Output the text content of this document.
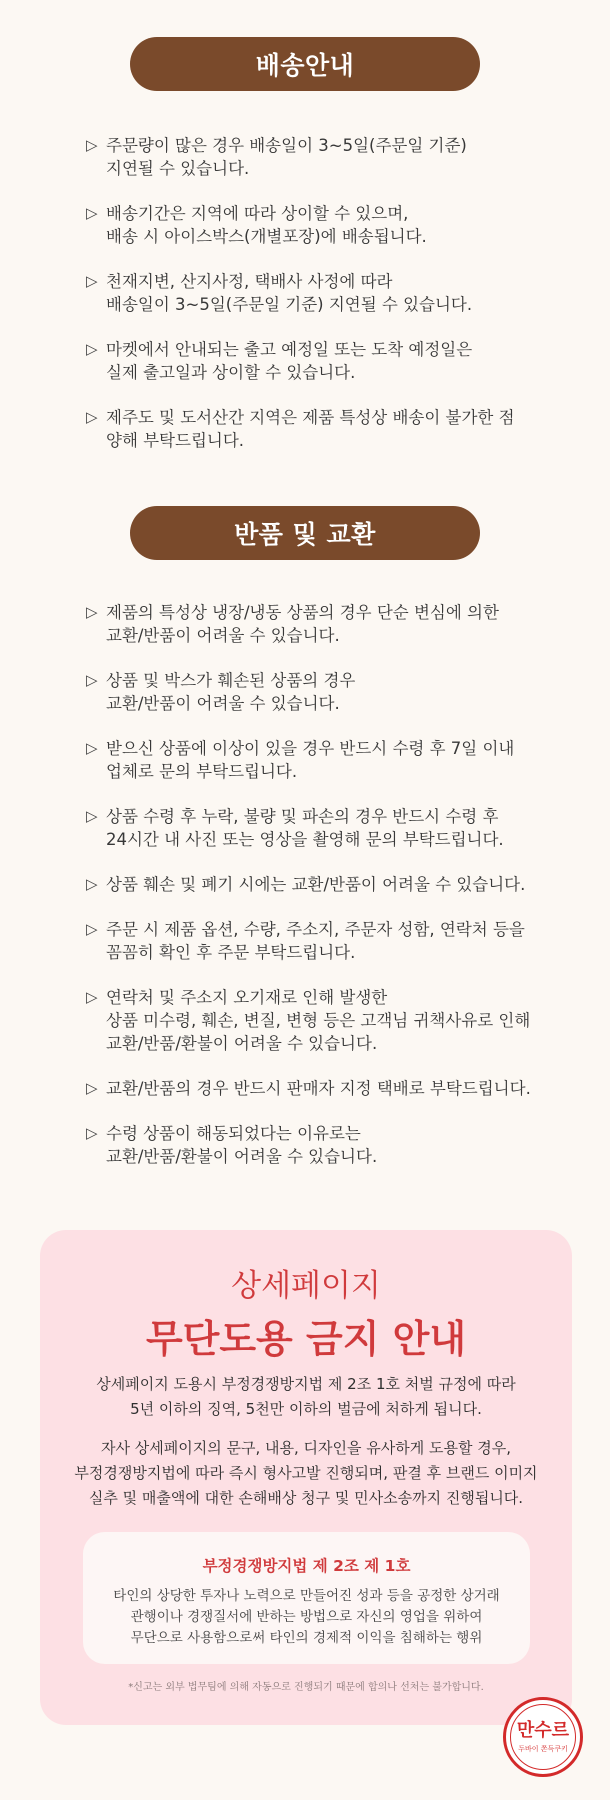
배송안내
▷ 주문량이 많은 경우 배송일이 3~5일(주문일 기준)
지연될 수 있습니다.
▷ 배송기간은 지역에 따라 상이할 수 있으며,
배송 시 아이스박스(개별포장)에 배송됩니다.
▷ 천재지변, 산지사정, 택배사 사정에 따라
배송일이 3~5일(주문일 기준) 지연될 수 있습니다.
▷ 마켓에서 안내되는 출고 예정일 또는 도착 예정일은
실제 출고일과 상이할 수 있습니다.
▷ 제주도 및 도서산간 지역은 제품 특성상 배송이 불가한 점
양해 부탁드립니다.
반품 및 교환
▷ 제품의 특성상 냉장/냉동 상품의 경우 단순 변심에 의한
교환/반품이 어려울 수 있습니다.
▷ 상품 및 박스가 훼손된 상품의 경우
교환/반품이 어려울 수 있습니다.
▷ 받으신 상품에 이상이 있을 경우 반드시 수령 후 7일 이내
업체로 문의 부탁드립니다.
▷ 상품 수령 후 누락, 불량 및 파손의 경우 반드시 수령 후
24시간 내 사진 또는 영상을 촬영해 문의 부탁드립니다.
▷ 상품 훼손 및 폐기 시에는 교환/반품이 어려울 수 있습니다.
▷ 주문 시 제품 옵션, 수량, 주소지, 주문자 성함, 연락처 등을
꼼꼼히 확인 후 주문 부탁드립니다.
▷ 연락처 및 주소지 오기재로 인해 발생한
상품 미수령, 훼손, 변질, 변형 등은 고객님 귀책사유로 인해
교환/반품/환불이 어려울 수 있습니다.
▷ 교환/반품의 경우 반드시 판매자 지정 택배로 부탁드립니다.
▷ 수령 상품이 해동되었다는 이유로는
교환/반품/환불이 어려울 수 있습니다.
상세페이지
무단도용 금지 안내
상세페이지 도용시 부정경쟁방지법 제 2조 1호 처벌 규정에 따라
5년 이하의 징역, 5천만 이하의 벌금에 처하게 됩니다.
자사 상세페이지의 문구, 내용, 디자인을 유사하게 도용할 경우,
부정경쟁방지법에 따라 즉시 형사고발 진행되며, 판결 후 브랜드 이미지
실추 및 매출액에 대한 손해배상 청구 및 민사소송까지 진행됩니다.
부정경쟁방지법 제 2조 제 1호
타인의 상당한 투자나 노력으로 만들어진 성과 등을 공정한 상거래
관행이나 경쟁질서에 반하는 방법으로 자신의 영업을 위하여
무단으로 사용함으로써 타인의 경제적 이익을 침해하는 행위
*신고는 외부 법무팀에 의해 자동으로 진행되기 때문에 합의나 선처는 불가합니다.
만수르
두바이 쫀득쿠키
